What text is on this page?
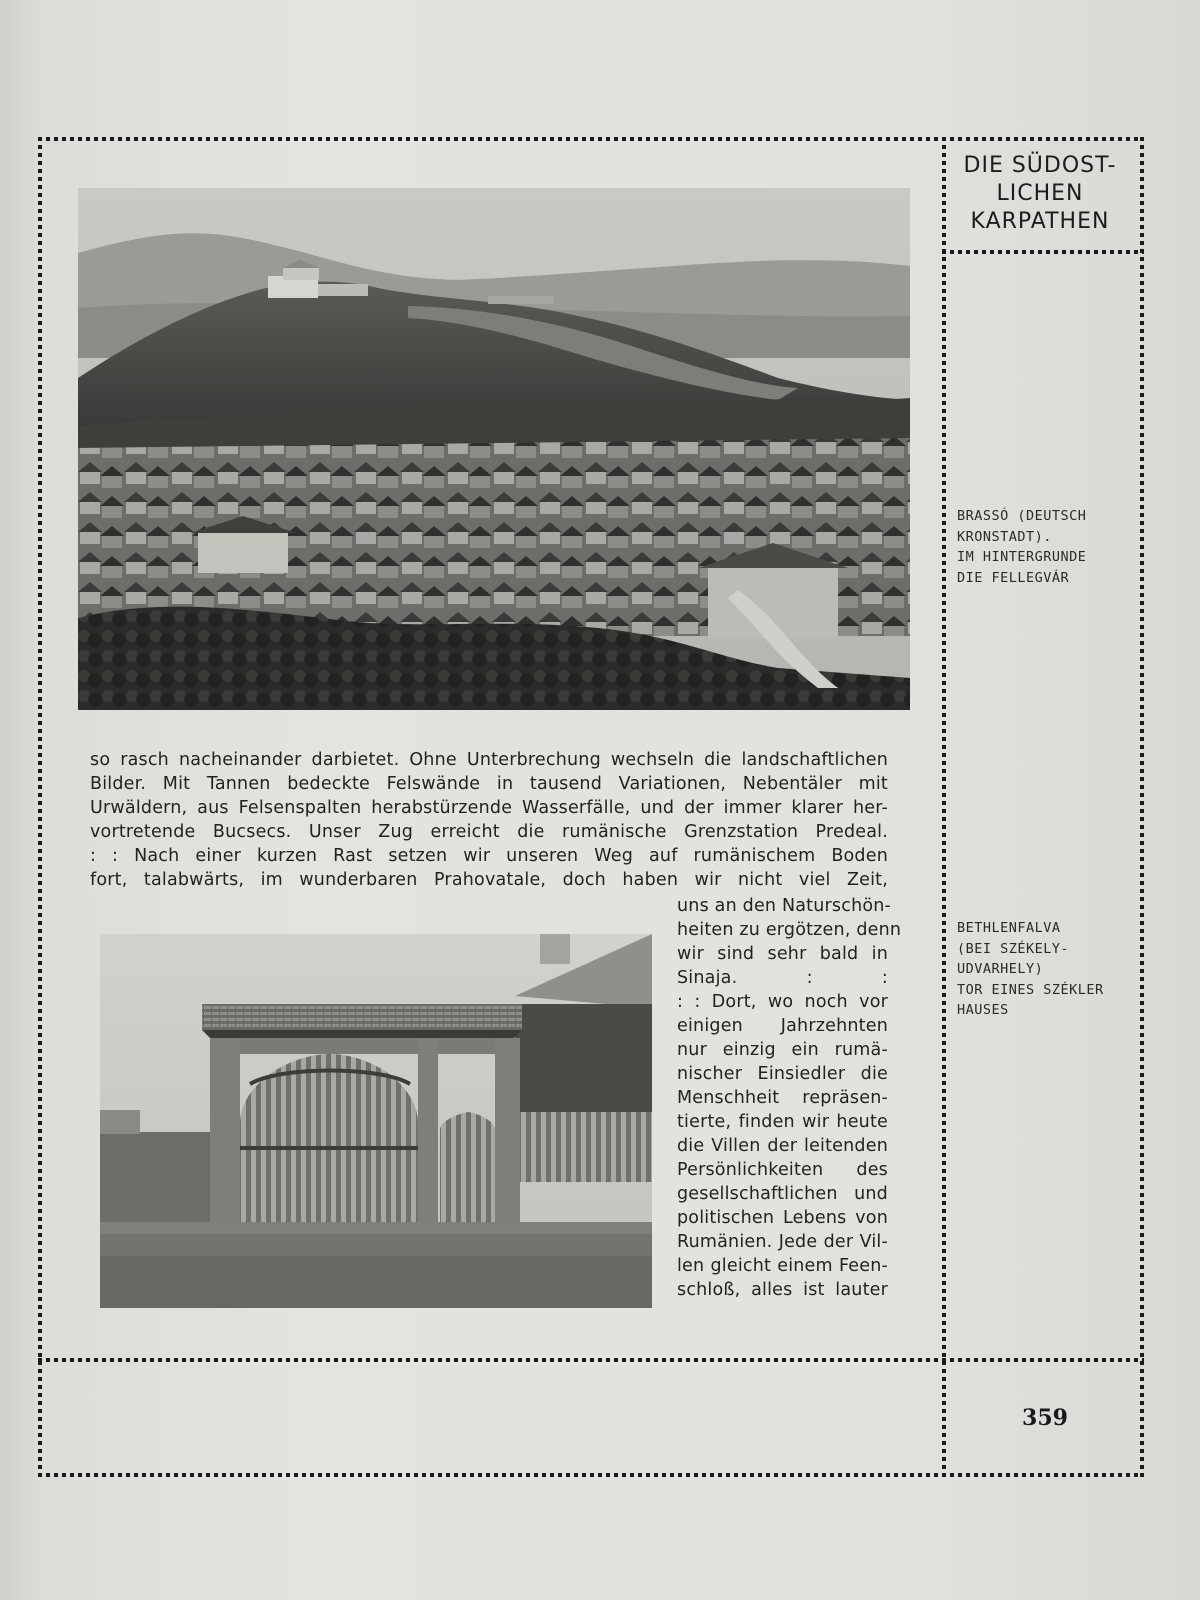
DIE SÜDOST-
LICHEN
KARPATHEN
BRASSÓ (DEUTSCH
KRONSTADT).
IM HINTERGRUNDE
DIE FELLEGVÁR
BETHLENFALVA
(BEI SZÉKELY-
UDVARHELY)
TOR EINES SZÉKLER
HAUSES
so rasch nacheinander darbietet. Ohne Unterbrechung wechseln die landschaftlichen
Bilder. Mit Tannen bedeckte Felswände in tausend Variationen, Nebentäler mit
Urwäldern, aus Felsenspalten herabstürzende Wasserfälle, und der immer klarer her-
vortretende Bucsecs. Unser Zug erreicht die rumänische Grenzstation Predeal.
: : Nach einer kurzen Rast setzen wir unseren Weg auf rumänischem Boden
fort, talabwärts, im wunderbaren Prahovatale, doch haben wir nicht viel Zeit,
uns an den Naturschön-
heiten zu ergötzen, denn
wir sind sehr bald in
Sinaja. : :
: : Dort, wo noch vor
einigen Jahrzehnten
nur einzig ein rumä-
nischer Einsiedler die
Menschheit repräsen-
tierte, finden wir heute
die Villen der leitenden
Persönlichkeiten des
gesellschaftlichen und
politischen Lebens von
Rumänien. Jede der Vil-
len gleicht einem Feen-
schloß, alles ist lauter
359
